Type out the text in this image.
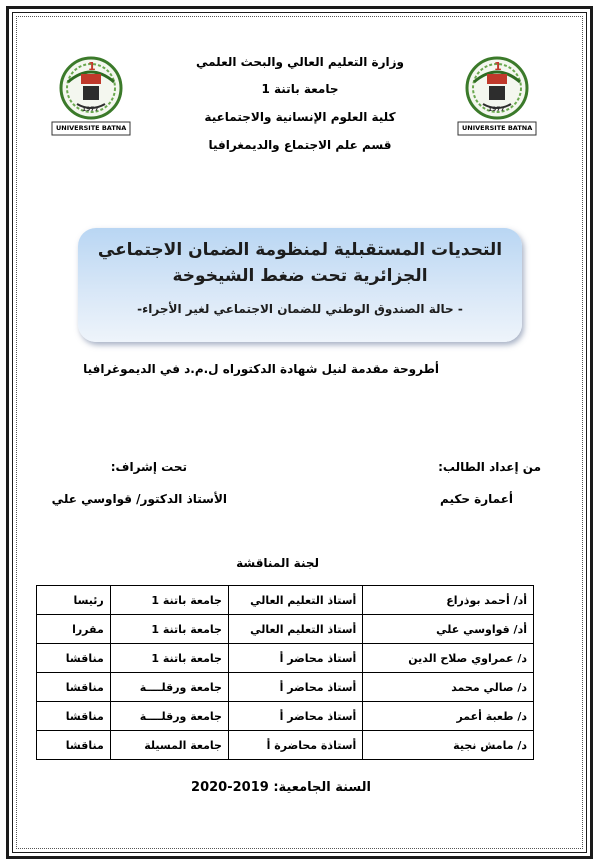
1
1977
UNIVERSITE BATNA
1
1977
UNIVERSITE BATNA
وزارة التعليم العالي والبحث العلمي
جامعة باتنة 1
كلية العلوم الإنسانية والاجتماعية
قسم علم الاجتماع والديمغرافيا
التحديات المستقبلية لمنظومة الضمان الاجتماعي
الجزائرية تحت ضغط الشيخوخة
- حالة الصندوق الوطني للضمان الاجتماعي لغير الأجراء-
أطروحة مقدمة لنيل شهادة الدكتوراه ل.م.د في الديموغرافيا
من إعداد الطالب:
أعمارة حكيم
تحت إشراف:
الأستاذ الدكتور/ قواوسي علي
لجنة المناقشة
أد/ أحمد بوذراع	أستاذ التعليم العالي	جامعة باتنة 1	رئيسا
أد/ قواوسي علي	أستاذ التعليم العالي	جامعة باتنة 1	مقررا
د/ عمراوي صلاح الدين	أستاذ محاضر أ	جامعة باتنة 1	مناقشا
د/ صالي محمد	أستاذ محاضر أ	جامعة ورقلــــة	مناقشا
د/ طعبة أعمر	أستاذ محاضر أ	جامعة ورقلــــة	مناقشا
د/ مامش نجية	أستاذة محاضرة أ	جامعة المسيلة	مناقشا
السنة الجامعية: 2019-2020
